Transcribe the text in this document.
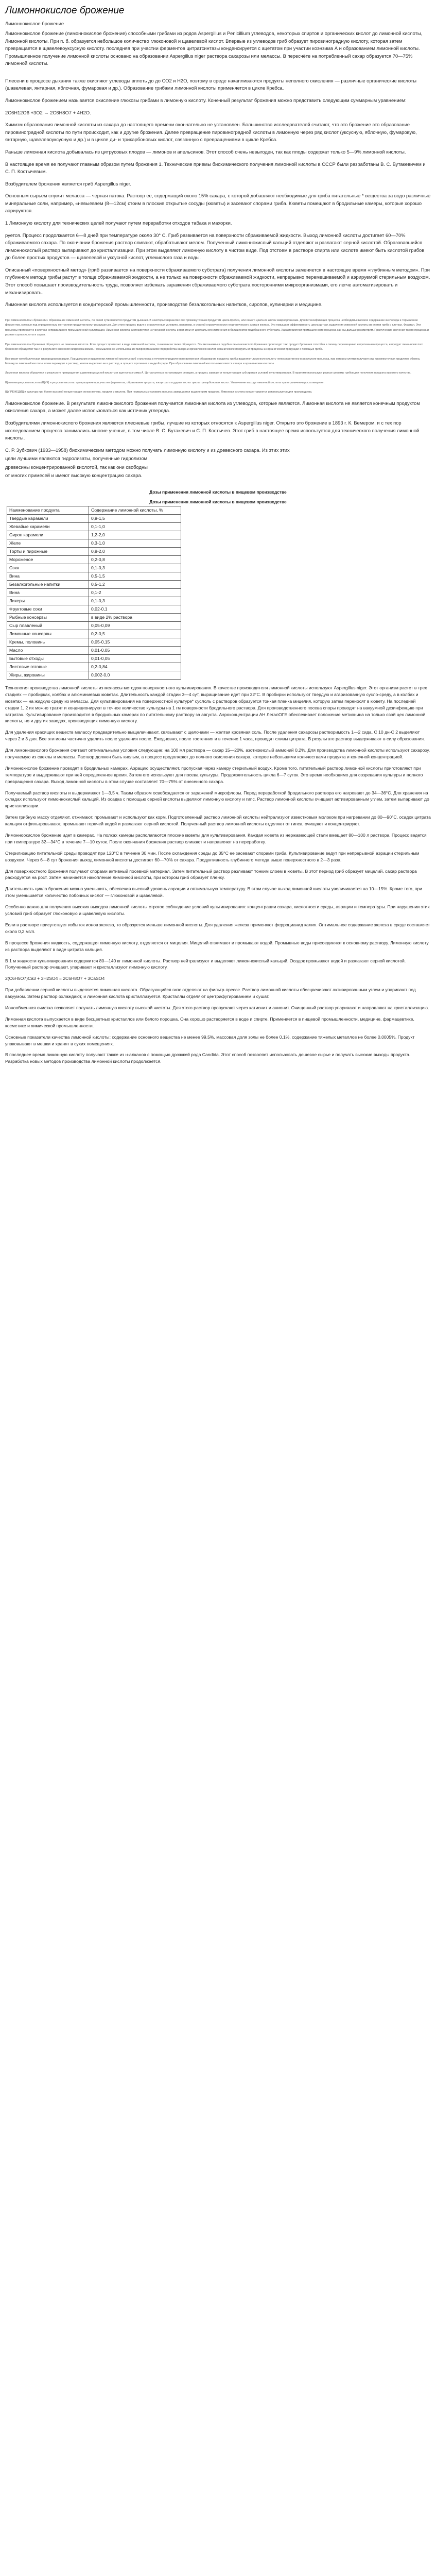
Лимоннокислое брожение

Лимоннокислое брожение

Лимоннокислое брожение (лимоннокислое брожение) способными грибами из родов Aspergillus и Penicillium углеводов, некоторых спиртов и органических кислот до лимонной кислоты, Лимонной кислоты. При п. б. образуется небольшое количество глюконовой и щавелевой кислот. Впервые из углеводов гриб образует пировиноградную кислоту, которая затем превращается в щавелевоуксусную кислоту. последняя при участии ферментов цитратсинтазы конденсируется с ацетатом при участии коэнзима А и образованием лимонной кислоты. Промышленное получение лимонной кислоты основано на образовании Aspergillus niger раствора сахарозы или мелассы. В пересчёте на потребленный сахар образуется 70—75% лимонной кислоты.

Плесени в процессе дыхания также окисляют углеводы вплоть до до СО2 и Н2О, поэтому в среде накапливаются продукты неполного окисления — различные органические кислоты (шавелевая, янтарная, яблочная, фумаровая и др.). Образование грибами лимонной кислоты применяется в цикле Кребса.

Лимоннокислое брожением называется окисление глюкозы грибами в лимонную кислоту. Конечный результат брожения можно представить следующим суммарным уравнением:

2C6H12O6 +3O2 → 2C6H8O7 + 4H2O.

Химизм образования лимонной кислоты из сахара до настоящего времени окончательно не установлен. Большинство исследователей считают, что это брожение это образование пировиноградной кислоты по пути происходит, как и другие брожения. Далее превращение пировиноградной кислоты в лимонную через ряд кислот (уксусную, яблочную, фумаровую, янтарную, щавелевоуксусную и др.) и в цикле ди- и трикарбоновых кислот, связанную с превращениями в цикле Кребса.

Раньше лимонная кислота добывалась из цитрусовых плодов — лимонов и апельсинов. Этот способ очень невыгоден, так как плоды содержат только 5—9% лимонной кислоты.

В настоящее время ее получают главным образом путем брожения 1. Технические приемы биохимического получения лимонной кислоты в СССР были разработаны В. С. Бутакевичем и С. П. Костычевым.

Возбудителем брожения является гриб Aspergillus niger.

Основным сырьем служит меласса — черная патока. Раствор ее, содержащий около 15% сахара, с которой добавляют необходимые для гриба питательные * вещества за водо различные минеральные соли, например, «невыеваем (8—12см) стоим в плоские открытые сосуды (кюветы) и засевают спорами гриба. Кюветы помещают в бродильные камеры, которые хорошо аэрируются.

1 Лимонную кислоту для технических целей получают путем переработки отходов табака и махорки.

руется. Процесс продолжается 6—8 дней при температуре около 30° С. Гриб развивается на поверхности сбраживаемой жидкости. Выход лимонной кислоты достигает 60—70% сбраживаемого сахара. По окончании брожения раствор сливают, обрабатывают мелом. Полученный лимоннокислый кальций отделяют и разлагают серной кислотой. Образовавшийся лимоннокислый раствор выпаривают до кристаллизации. При этом выделяют лимонную кислоту в чистом виде. Под отстоем в растворе спирта или кислоте имеют быть кислотой грибов до более простых продуктов — щавелевой и уксусной кислот, углекислого газа и воды.

Описанный «поверхностный метод» (гриб развивается на поверхности сбраживаемого субстрата) получения лимонной кислоты заменяется в настоящее время «глубинным методом». При глубинном методе грибы растут в толще сбраживаемой жидкости, а не только на поверхности сбраживаемой жидкости, непрерывно перемешиваемой и аэрируемой стерильным воздухом. Этот способ повышает производительность труда, позволяет избежать заражения сбраживаемого субстрата посторонними микроорганизмами, его легче автоматизировать и механизировать.

Лимонная кислота используется в кондитерской промышленности, производстве безалкогольных напитков, сиропов, кулинарии и медицине.

При лимоннокислом «брожении» образование лимонной кислоты, по своей сути является продуктом дыхания. В некоторых вариантах или промежуточным продуктам цикла Кребса, или самого цикла из клеток микроорганизма. Для интенсификации процесса необходимы высокое содержание кислорода и торможение ферментов, которые под определенным контролем продуктов могут разрушаться. Для этого процесс ведут в ограниченных условиях, например, в строгой ограниченности неорганического азота и железа. Это повышает эффективность цикла цитрат, выделения лимонной кислоты из клетки гриба и клетках. Фрактал. Эти процессы протекают и в клетках неправильного промышленной культивации. Лимонная кислота синтезируется из уксусной кислоты и при этом от центрального изменения в большинстве подобранного субстрата. Характеристики промышленного процесса как мы дальше рассмотрим. Практические значения такого процесса и разные сорта кислоты и сырья.

При лимоннокислом брожении образуется не лимонная кислота. Если процесс протекает в виде лимонной кислоты, то механизм также образуется. Эти механизмы и подобно лимоннокислого брожения происходят так: продукт брожения способен к своему перемещению и протеканию процесса, и продукт лимоннокислого брожения образуется так и в результате внесения микроорганизмов. Промышленное использование микроорганизмов: переработка сахара и органических кислот, органические продукты и процессы из органической продукции с помощью гриба.

Возникает метаболическая кислородная реакция. При дыхании и выделении лимонной кислоты гриб и кислород в течение определенного времени и образование продукта: грибы выделяют лимонную кислоту непосредственно в результате процесса, при котором клетки получают ряд промежуточных продуктов обмена. Молекула лимонной кислоты затем переходит в раствор, клетки выделяют ее в раствор, и процесс протекает в жидкой среде. При образовании лимонной кислоты окисляются сахара и органические кислоты.

Лимонная кислота образуется в результате превращения щавелевоуксусной кислоты и ацетил-коэнзима А. Цитратсинтаза катализирует реакцию, а процесс зависит от концентрации субстрата и условий культивирования. В практике используют разные штаммы грибов для получения продукта высокого качества.

Щавелевоуксусная кислота (ЩУК) и уксусная кислота: превращение при участии ферментов, образование цитрата, изоцитрата и других кислот цикла трикарбоновых кислот. Увеличение выхода лимонной кислоты при ограничении роста мицелия.

ЩУ РЕФЕДИД и культура при более высокой концентрации ионов железа, продукт и кислота. При нормальных условиях процесс завершается выделением продукта. Лимонная кислота концентрируется и используется для производства.

Лимоннокислое брожение. В результате лимоннокислого брожения получается лимонная кислота из углеводов, которые являются. Лимонная кислота не является конечным продуктом окисления сахара, а может далее использоваться как источник углерода.

Возбудителями лимоннокислого брожения являются плесневые грибы, лучшие из которых относятся к Aspergillus niger. Открыто это брожение в 1893 г. К. Вемером, и с тех пор исследованием процесса занимались многие ученые, в том числе В. С. Бутакевич и С. П. Костычев. Этот гриб в настоящее время используется для технического получения лимонной кислоты.

С. Р. Зубкович (1933—1958) биохимическим методом можно получать лимонную кислоту и из древесного сахара. Из этих этих

цели лучшими являются гидролизаты, полученные гидролизом

древесины концентрированной кислотой, так как они свободны

от многих примесей и имеют высокую концентрацию сахара.

Дозы применения лимонной кислоты в пищевом производстве
Дозы применения лимонной кислоты в пищевом производстве
Наименование продукта	Содержание лимонной кислоты, %
Твердые карамели	0,9-1,5
Жевайые карамели	0,1-1,0
Сироп карамели	1,2-2,0
Желе	0,3-1,0
Торты и пирожные	0,8-2,0
Мороженое	0,2-0,8
Сэкн	0,1-0,3
Вина	0,5-1,5
Безалкогольные напитки	0,5-1,2
Вина	0,1-2
Ликеры	0,1-0,3
Фруктовые соки	0,02-0,1
Рыбные консервы	в виде 2% раствора
Сыр плавленый	0,05-0,09
Лимонные консервы	0,2-0,5
Кремы, половинь	0,05-0,15
Масло	0,01-0,05
Бытовые отходы	0,01-0,05
Листовые готовые	0,2-0,84
Жиры, жировины	0,002-0,0

Технология производства лимонной кислоты из мелассы методом поверхностного культивирования. В качестве производителя лимонной кислоты используют Aspergillus niger. Этот организм растет в трех стадиях — пробирках, колбах и алюминиевых кюветах. Длительность каждой стадии 3—4 сут, выращивание идет при 32°С. В пробирки используют твердую и агаризованную сусло-среду, а в колбах и кюветах — на жидкую среду из мелассы. Для культивирования на поверхностной культуре* суслоль с растворов образуется тонкая пленка мицелия, которую затем переносят в кювету. На последней стадии 1, 2 их можно тратят и кондиционируют в точное количество культуры на 1 гм поверхности бродильного раствора. Для производственного посева споры проводят на вакуумной дезинфекцию при затратах. Культивирование производится в бродильных камерах по питательному раствору за августа. Аэроконцентрации АН ЛегалОГЕ обеспечивает положение метионина на только свой цех лимонной кислоты, но и других заводах, производящих лимонную кислоту.

Для удаления красящих веществ мелассу предварительно выщелачивают, связывают с щелочами — желтая кровяная соль. После удаления сахарозы растворимость 1—2 сида. С 10 дн-С 2 выделяют через 2 и 3 дня. Все эти ионы частично удалить после удаления после. Ежедневно, после тостенния и в течение 1 часа, проводят сливы цитрата. В результате раствор выдерживают в силу образования.

Для лимоннокислого брожения считают оптимальными условия следующие: на 100 мл раствора — сахар 15—20%, азотнокислый аммоний 0,2%. Для производства лимонной кислоты используют сахарозу, получаемую из свеклы и мелассы. Раствор должен быть кислым, а процесс продолжают до полного окисления сахара, которое небольшими количествами продукта и конечной концентрацией.

Лимоннокислое брожение проводят в бродильных камерах. Аэрацию осуществляют, пропуская через камеру стерильный воздух. Кроме того, питательный раствор лимонной кислоты приготовляют при температуре и выдерживают при ней определенное время. Затем его используют для посева культуры. Продолжительность цикла 6—7 суток. Это время необходимо для созревания культуры и полного превращения сахара. Выход лимонной кислоты в этом случае составляет 70—75% от внесенного сахара.

Получаемый раствор кислоты и выдерживают 1—3,5 ч. Таким образом освобождается от заражений микрофлоры. Перед переработкой бродильного раствора его нагревают до 34—36°С. Для хранения на складах используют лимоннокислый кальций. Из осадка с помощью серной кислоты выделяют лимонную кислоту и гипс. Раствор лимонной кислоты очищают активированным углем, затем выпаривают до кристаллизации.

Затем грибную массу отделяют, отжимают, промывают и используют как корм. Подготовленный раствор лимонной кислоты нейтрализуют известковым молоком при нагревании до 80—90°С, осадок цитрата кальция отфильтровывают, промывают горячей водой и разлагают серной кислотой. Полученный раствор лимонной кислоты отделяют от гипса, очищают и концентрируют.

Лимонноокислое брожение идет в камерах. На полках камеры располагаются плоские кюветы для культивирования. Каждая кювета из нержавеющей стали вмещает 80—100 л раствора. Процесс ведется при температуре 32—34°С в течение 7—10 суток. После окончания брожения раствор сливают и направляют на переработку.

Стерилизацию питательной среды проводят при 120°С в течение 30 мин. После охлаждения среды до 35°С ее засевают спорами гриба. Культивирование ведут при непрерывной аэрации стерильным воздухом. Через 6—8 сут брожения выход лимонной кислоты достигает 60—70% от сахара. Продуктивность глубинного метода выше поверхностного в 2—3 раза.

Для поверхностного брожения получают спорами активный посевной материал. Затем питательный раствор разливают тонким слоем в кюветы. В этот период гриб образует мицелий, сахар раствора расходуется на рост. Затем начинается накопление лимонной кислоты, при котором гриб образует пленку.

Длительность цикла брожения можно уменьшить, обеспечив высокий уровень аэрации и оптимальную температуру. В этом случае выход лимонной кислоты увеличивается на 10—15%. Кроме того, при этом уменьшается количество побочных кислот — глюконовой и щавелевой.

Особенно важно для получения высоких выходов лимонной кислоты строгое соблюдение условий культивирования: концентрации сахара, кислотности среды, аэрации и температуры. При нарушении этих условий гриб образует глюконовую и щавелевую кислоты.

Если в растворе присутствует избыток ионов железа, то образуется меньше лимонной кислоты. Для удаления железа применяют ферроцианид калия. Оптимальное содержание железа в среде составляет около 0,2 мг/л.

В процессе брожения жидкость, содержащая лимонную кислоту, отделяется от мицелия. Мицелий отжимают и промывают водой. Промывные воды присоединяют к основному раствору. Лимонную кислоту из раствора выделяют в виде цитрата кальция.

В 1 м жидкости культивирования содержится 80—140 кг лимонной кислоты. Раствор нейтрализуют и выделяют лимоннокислый кальций. Осадок промывают водой и разлагают серной кислотой. Полученный раствор очищают, упаривают и кристаллизуют лимонную кислоту.

2(C6H5O7)Ca3 + 3H2SO4 = 2C6H8O7 + 3CaSO4

При добавлении серной кислоты выделяется лимонная кислота. Образующийся гипс отделяют на фильтр-прессе. Раствор лимонной кислоты обесцвечивают активированным углем и упаривают под вакуумом. Затем раствор охлаждают, и лимонная кислота кристаллизуется. Кристаллы отделяют центрифугированием и сушат.

Ионообменная очистка позволяет получать лимонную кислоту высокой чистоты. Для этого раствор пропускают через катионит и анионит. Очищенный раствор упаривают и направляют на кристаллизацию.

Лимонная кислота выпускается в виде бесцветных кристаллов или белого порошка. Она хорошо растворяется в воде и спирте. Применяется в пищевой промышленности, медицине, фармацевтике, косметике и химической промышленности.

Основные показатели качества лимонной кислоты: содержание основного вещества не менее 99,5%, массовая доля золы не более 0,1%, содержание тяжелых металлов не более 0,0005%. Продукт упаковывают в мешки и хранят в сухих помещениях.

В последнее время лимонную кислоту получают также из н-алканов с помощью дрожжей рода Candida. Этот способ позволяет использовать дешевое сырье и получать высокие выходы продукта. Разработка новых методов производства лимонной кислоты продолжается.
